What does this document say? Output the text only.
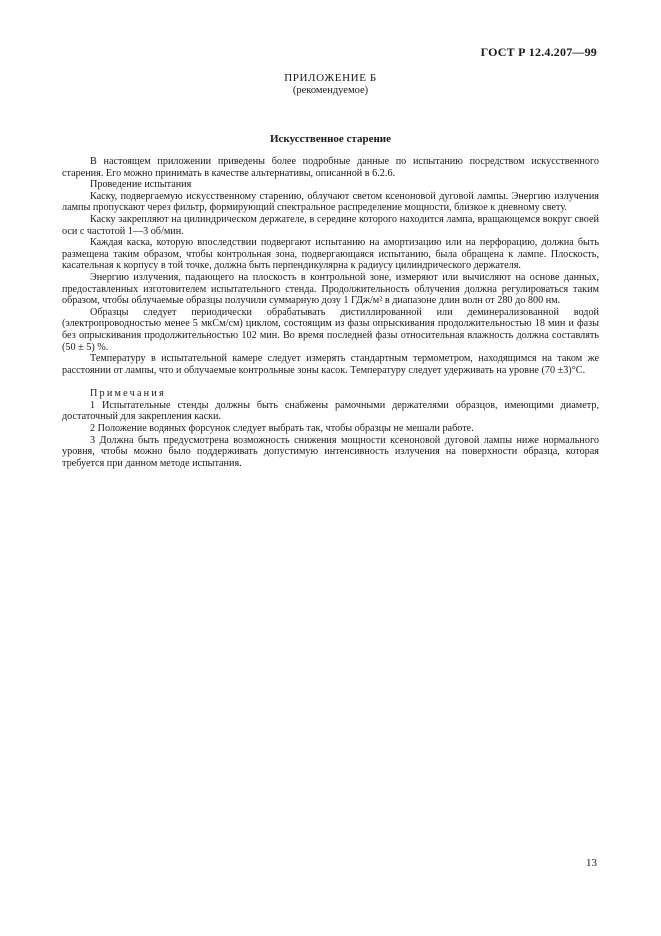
ГОСТ Р 12.4.207—99
ПРИЛОЖЕНИЕ Б
(рекомендуемое)
Искусственное старение

В настоящем приложении приведены более подробные данные по испытанию посредством искусственного старения. Его можно принимать в качестве альтернативы, описанной в 6.2.6.

Проведение испытания

Каску, подвергаемую искусственному старению, облучают светом ксеноновой дуговой лампы. Энергию излучения лампы пропускают через фильтр, формирующий спектральное распределение мощности, близкое к дневному свету.

Каску закрепляют на цилиндрическом держателе, в середине которого находится лампа, вращающемся вокруг своей оси с частотой 1—3 об/мин.

Каждая каска, которую впоследствии подвергают испытанию на амортизацию или на перфорацию, должна быть размещена таким образом, чтобы контрольная зона, подвергающаяся испытанию, была обращена к лампе. Плоскость, касательная к корпусу в той точке, должна быть перпендикулярна к радиусу цилиндрического держателя.

Энергию излучения, падающего на плоскость в контрольной зоне, измеряют или вычисляют на основе данных, предоставленных изготовителем испытательного стенда. Продолжительность облучения должна регулироваться таким образом, чтобы облучаемые образцы получили суммарную дозу 1 ГДж/м² в диапазоне длин волн от 280 до 800 нм.

Образцы следует периодически обрабатывать дистиллированной или деминерализованной водой (электропроводностью менее 5 мкСм/см) циклом, состоящим из фазы опрыскивания продолжительностью 18 мин и фазы без опрыскивания продолжительностью 102 мин. Во время последней фазы относительная влажность должна составлять (50 ± 5) %.

Температуру в испытательной камере следует измерять стандартным термометром, находящимся на таком же расстоянии от лампы, что и облучаемые контрольные зоны касок. Температуру следует удерживать на уровне (70 ±3)°С.

Примечания

1 Испытательные стенды должны быть снабжены рамочными держателями образцов, имеющими диаметр, достаточный для закрепления каски.

2 Положение водяных форсунок следует выбрать так, чтобы образцы не мешали работе.

3 Должна быть предусмотрена возможность снижения мощности ксеноновой дуговой лампы ниже нормального уровня, чтобы можно было поддерживать допустимую интенсивность излучения на поверхности образца, которая требуется при данном методе испытания.

13
